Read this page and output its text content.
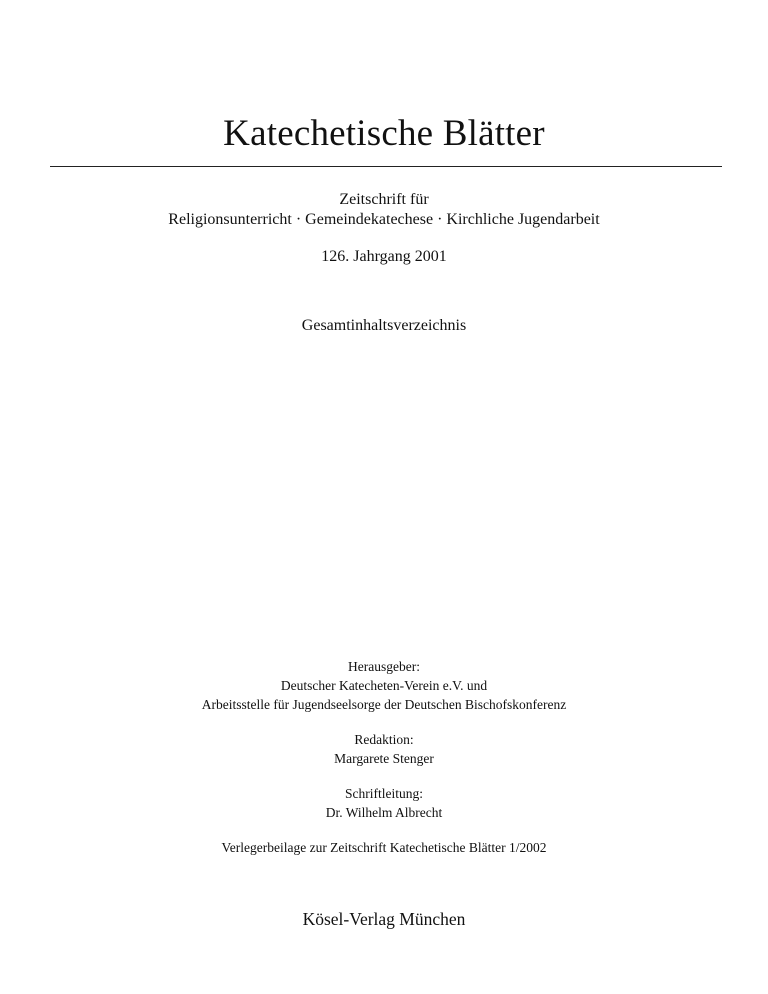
Katechetische Blätter
Zeitschrift für
Religionsunterricht · Gemeindekatechese · Kirchliche Jugendarbeit
126. Jahrgang 2001
Gesamtinhaltsverzeichnis
Herausgeber:
Deutscher Katecheten-Verein e.V. und
Arbeitsstelle für Jugendseelsorge der Deutschen Bischofskonferenz
Redaktion:
Margarete Stenger
Schriftleitung:
Dr. Wilhelm Albrecht
Verlegerbeilage zur Zeitschrift Katechetische Blätter 1/2002
Kösel-Verlag München
